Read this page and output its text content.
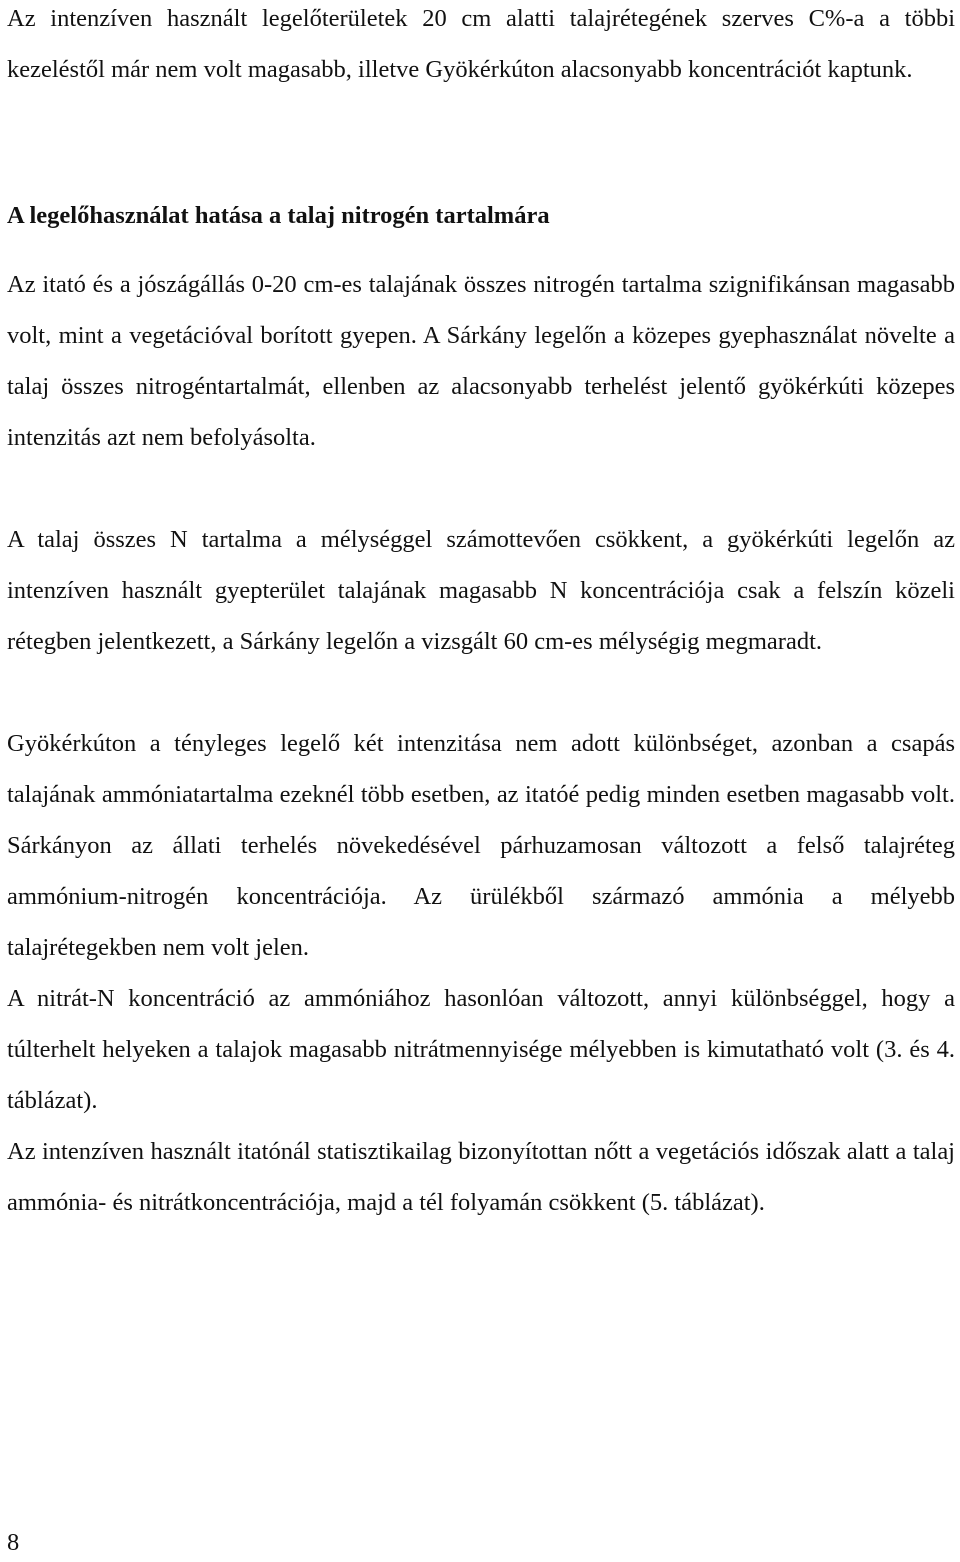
Az intenzíven használt legelőterületek 20 cm alatti talajrétegének szerves C%-a a többi kezeléstől már nem volt magasabb, illetve Gyökérkúton alacsonyabb koncentrációt kaptunk.

A legelőhasználat hatása a talaj nitrogén tartalmára

Az itató és a jószágállás 0-20 cm-es talajának összes nitrogén tartalma szignifikánsan magasabb volt, mint a vegetációval borított gyepen. A Sárkány legelőn a közepes gyephasználat növelte a talaj összes nitrogéntartalmát, ellenben az alacsonyabb terhelést jelentő gyökérkúti közepes intenzitás azt nem befolyásolta.

A talaj összes N tartalma a mélységgel számottevően csökkent, a gyökérkúti legelőn az intenzíven használt gyepterület talajának magasabb N koncentrációja csak a felszín közeli rétegben jelentkezett, a Sárkány legelőn a vizsgált 60 cm-es mélységig megmaradt.

Gyökérkúton a tényleges legelő két intenzitása nem adott különbséget, azonban a csapás talajának ammóniatartalma ezeknél több esetben, az itatóé pedig minden esetben magasabb volt. Sárkányon az állati terhelés növekedésével párhuzamosan változott a felső talajréteg ammónium-nitrogén koncentrációja. Az ürülékből származó ammónia a mélyebb talajrétegekben nem volt jelen.

A nitrát-N koncentráció az ammóniához hasonlóan változott, annyi különbséggel, hogy a túlterhelt helyeken a talajok magasabb nitrátmennyisége mélyebben is kimutatható volt (3. és 4. táblázat).

Az intenzíven használt itatónál statisztikailag bizonyítottan nőtt a vegetációs időszak alatt a talaj ammónia- és nitrátkoncentrációja, majd a tél folyamán csökkent (5. táblázat).

8
